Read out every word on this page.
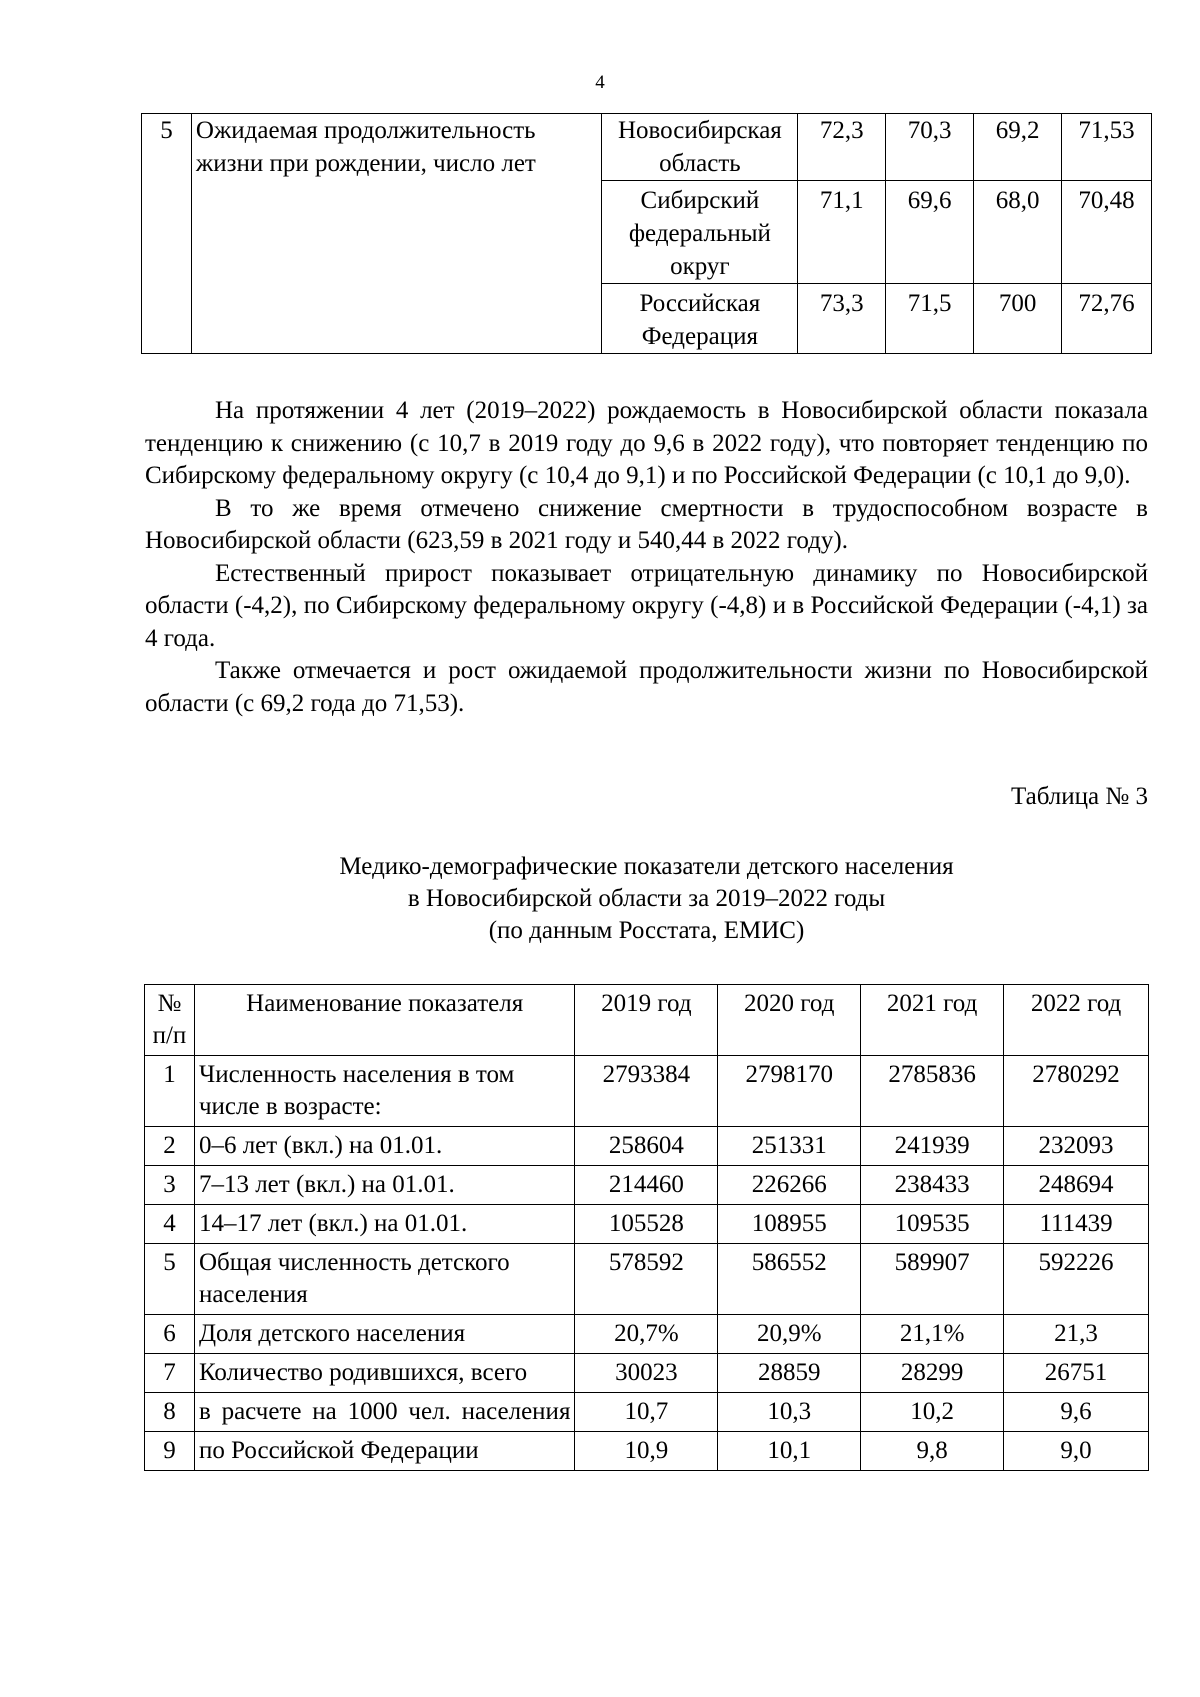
4
5	Ожидаемая продолжительность жизни при рождении, число лет	Новосибирская область	72,3	70,3	69,2	71,53
		Сибирский федеральный округ	71,1	69,6	68,0	70,48
		Российская Федерация	73,3	71,5	700	72,76

На протяжении 4 лет (2019–2022) рождаемость в Новосибирской области показала тенденцию к снижению (с 10,7 в 2019 году до 9,6 в 2022 году), что повторяет тенденцию по Сибирскому федеральному округу (с 10,4 до 9,1) и по Российской Федерации (с 10,1 до 9,0).

В то же время отмечено снижение смертности в трудоспособном возрасте в Новосибирской области (623,59 в 2021 году и 540,44 в 2022 году).

Естественный прирост показывает отрицательную динамику по Новосибирской области (-4,2), по Сибирскому федеральному округу (-4,8) и в Российской Федерации (-4,1) за 4 года.

Также отмечается и рост ожидаемой продолжительности жизни по Новосибирской области (с 69,2 года до 71,53).

Таблица № 3
Медико-демографические показатели детского населения
в Новосибирской области за 2019–2022 годы
(по данным Росстата, ЕМИС)
№ п/п	Наименование показателя	2019 год	2020 год	2021 год	2022 год
1	Численность населения в том числе в возрасте:	2793384	2798170	2785836	2780292
2	0–6 лет (вкл.) на 01.01.	258604	251331	241939	232093
3	7–13 лет (вкл.) на 01.01.	214460	226266	238433	248694
4	14–17 лет (вкл.) на 01.01.	105528	108955	109535	111439
5	Общая численность детского населения	578592	586552	589907	592226
6	Доля детского населения	20,7%	20,9%	21,1%	21,3
7	Количество родившихся, всего	30023	28859	28299	26751
8	в расчете на 1000 чел. населения	10,7	10,3	10,2	9,6
9	по Российской Федерации	10,9	10,1	9,8	9,0
